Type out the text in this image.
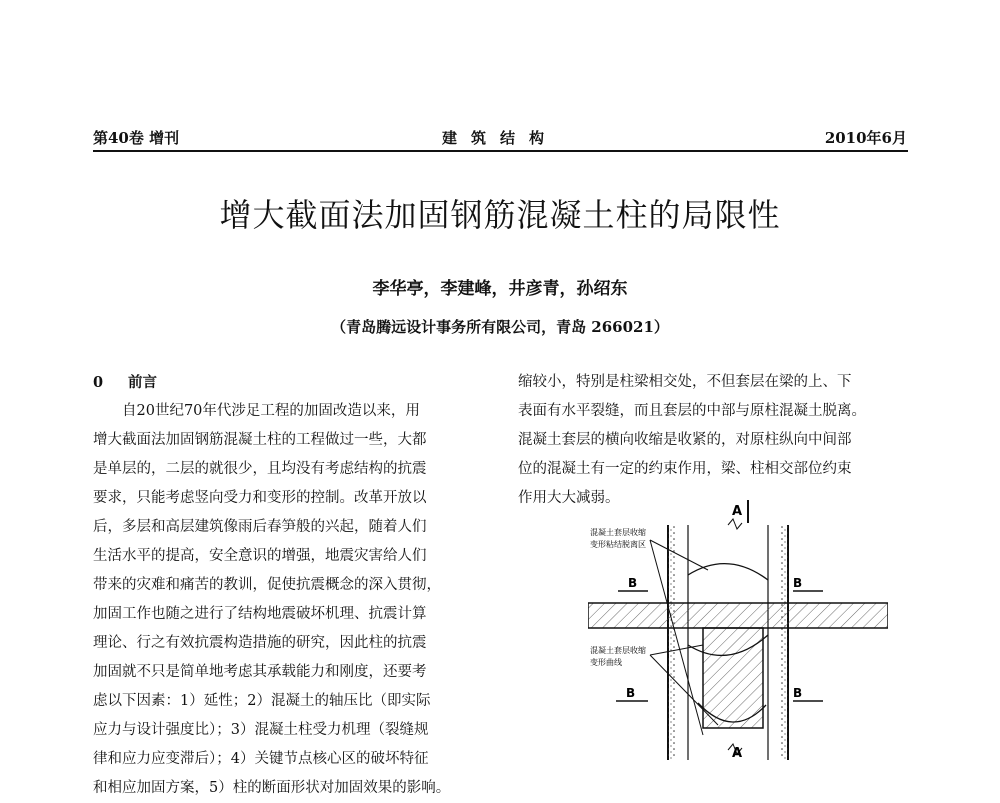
第40卷 增刊	建筑结构	2010年6月
增大截面法加固钢筋混凝土柱的局限性
李华亭，李建峰，井彦青，孙绍东
（青岛腾远设计事务所有限公司，青岛 266021）
0 前言
　　自20世纪70年代涉足工程的加固改造以来，用
增大截面法加固钢筋混凝土柱的工程做过一些，大都
是单层的，二层的就很少，且均没有考虑结构的抗震
要求，只能考虑竖向受力和变形的控制。改革开放以
后，多层和高层建筑像雨后春笋般的兴起，随着人们
生活水平的提高，安全意识的增强，地震灾害给人们
带来的灾难和痛苦的教训，促使抗震概念的深入贯彻，
加固工作也随之进行了结构地震破坏机理、抗震计算
理论、行之有效抗震构造措施的研究，因此柱的抗震
加固就不只是简单地考虑其承载能力和刚度，还要考
虑以下因素：1）延性；2）混凝土的轴压比（即实际
应力与设计强度比）；3）混凝土柱受力机理（裂缝规
律和应力应变滞后）；4）关键节点核心区的破坏特征
和相应加固方案，5）柱的断面形状对加固效果的影响。
缩较小，特别是柱梁相交处，不但套层在梁的上、下
表面有水平裂缝，而且套层的中部与原柱混凝土脱离。
混凝土套层的横向收缩是收紧的，对原柱纵向中间部
位的混凝土有一定的约束作用，梁、柱相交部位约束
作用大大减弱。
A
A
B	B
B	B
混凝土套层收缩
变形粘结脱离区
混凝土套层收缩
变形曲线
